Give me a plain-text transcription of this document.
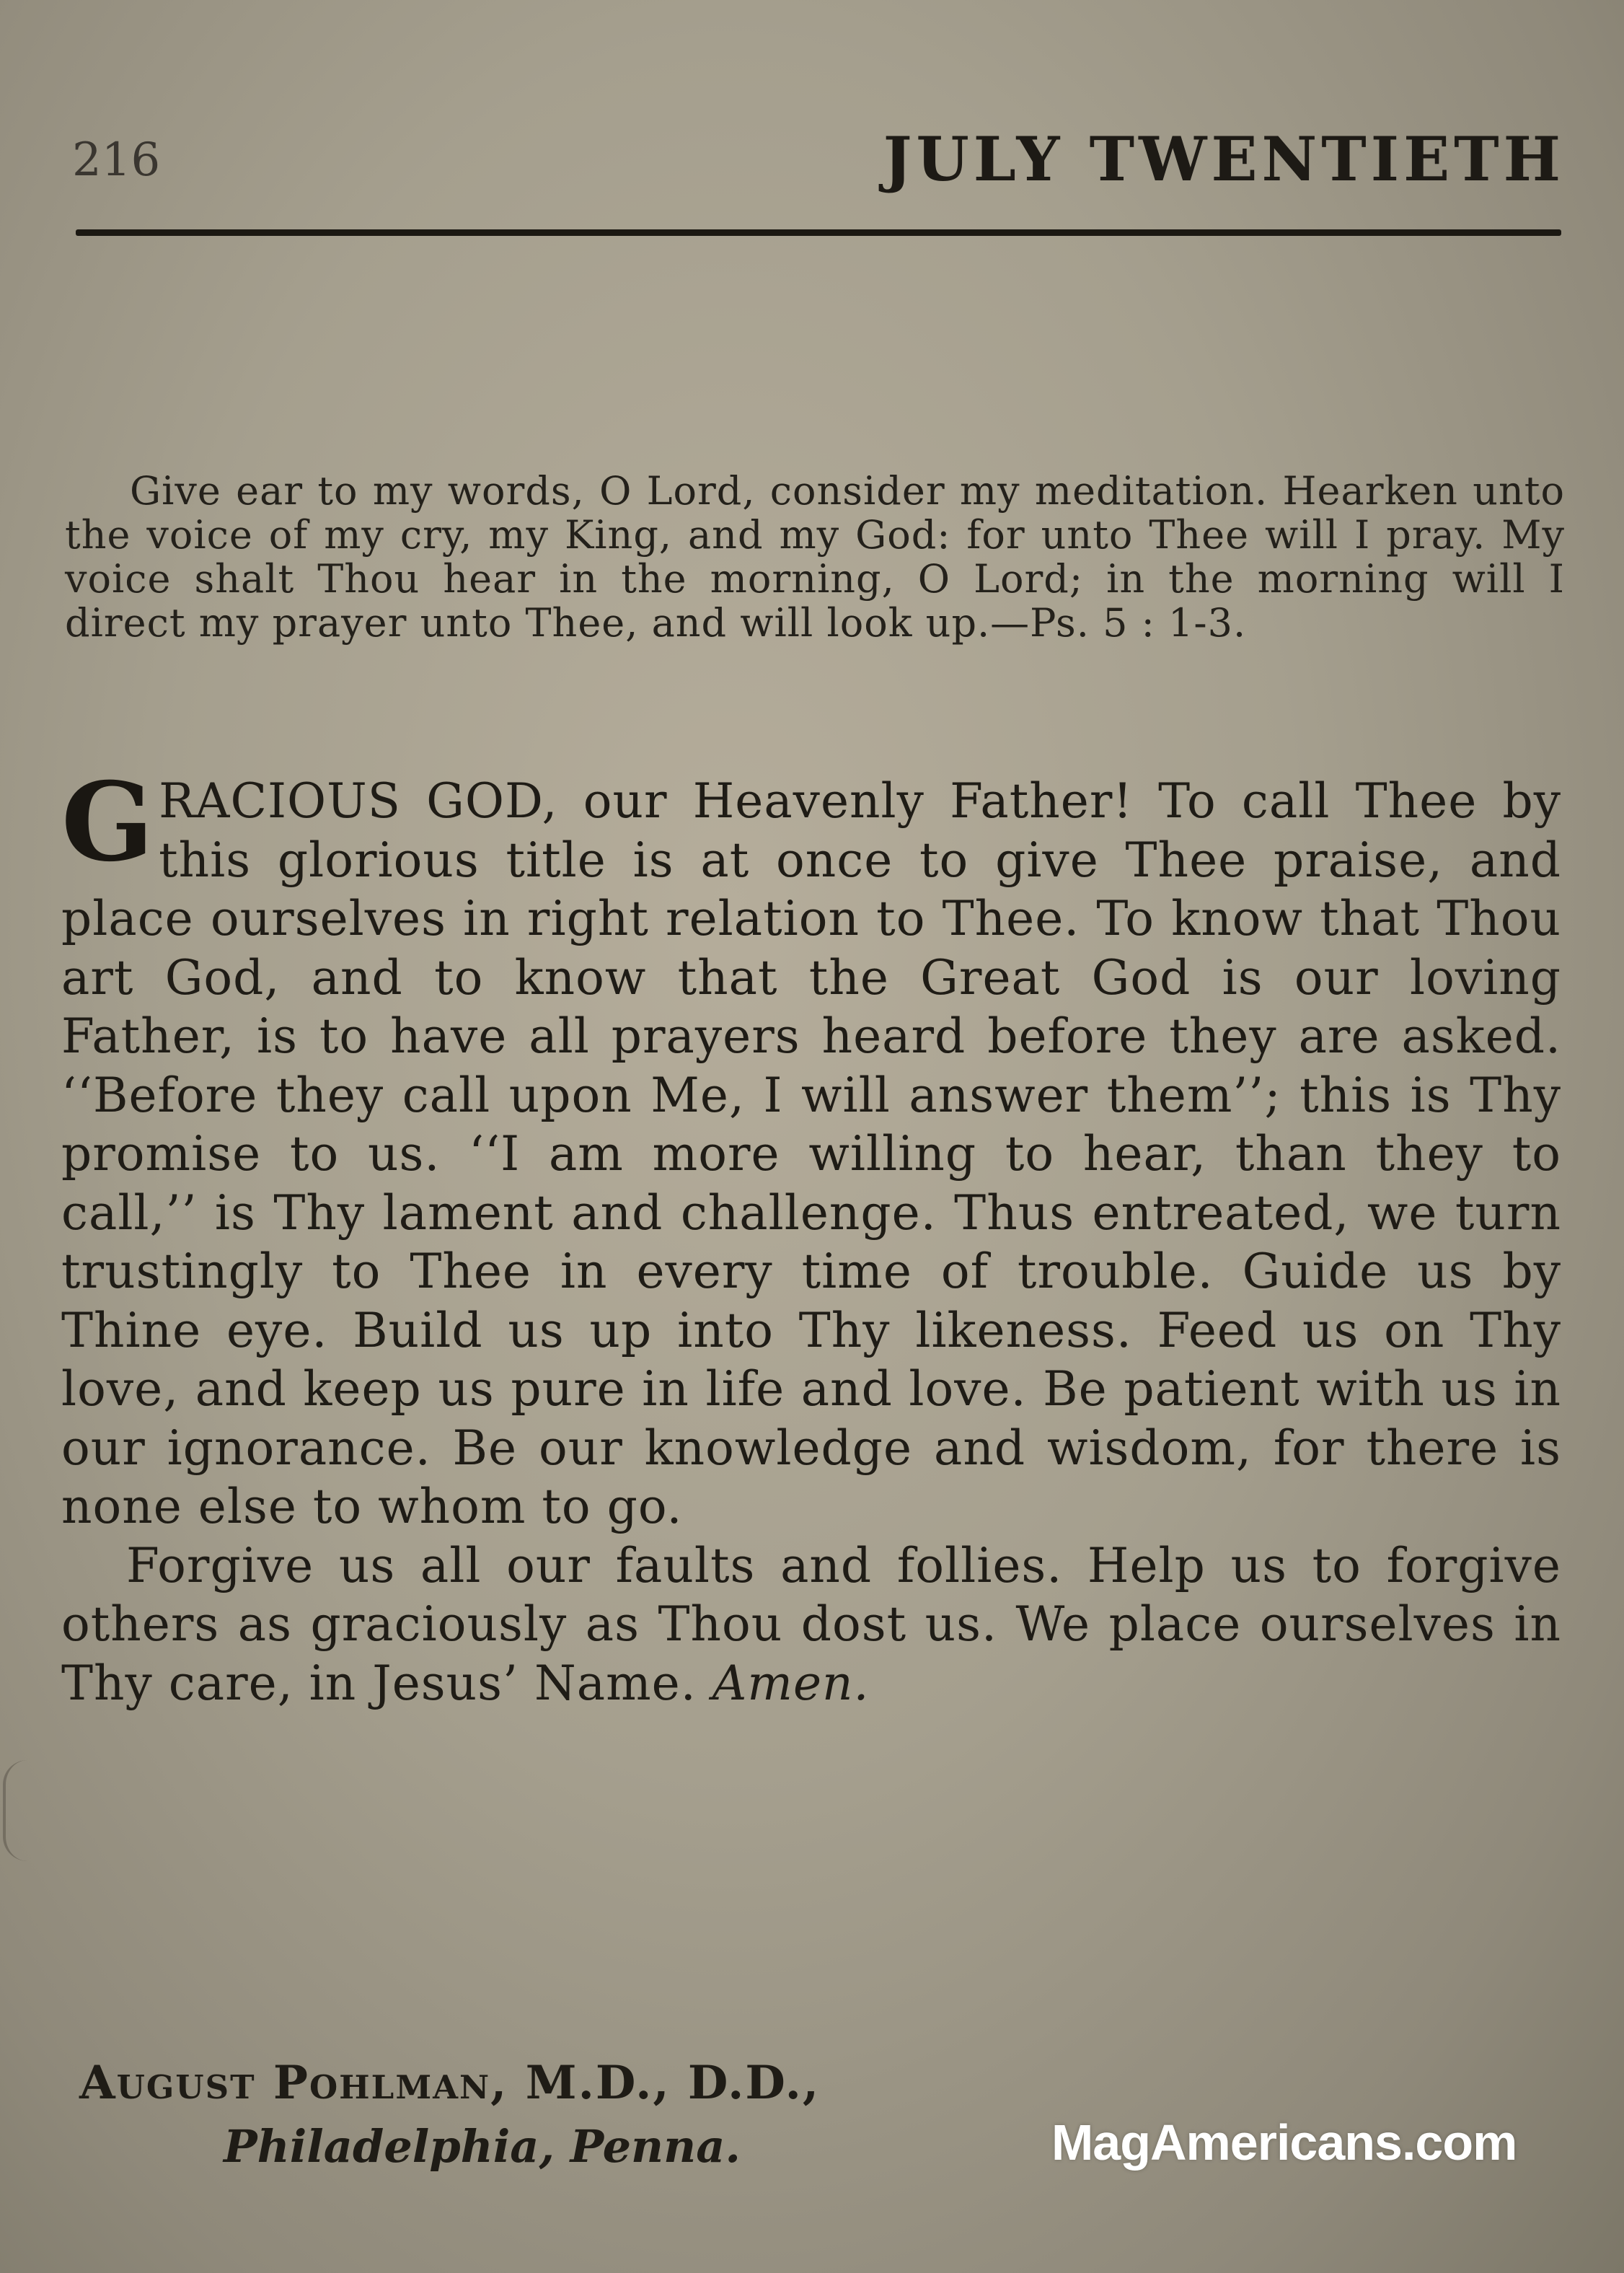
216	JULY TWENTIETH
Give ear to my words, O Lord, consider my meditation. Hearken unto the voice of my cry, my King, and my God: for unto Thee will I pray. My voice shalt Thou hear in the morning, O Lord; in the morning will I direct my prayer unto Thee, and will look up.—Ps. 5 : 1-3.

GRACIOUS GOD, our Heavenly Father! To call Thee by this glorious title is at once to give Thee praise, and place ourselves in right relation to Thee. To know that Thou art God, and to know that the Great God is our loving Father, is to have all prayers heard before they are asked. ‘‘Before they call upon Me, I will answer them’’; this is Thy promise to us. ‘‘I am more willing to hear, than they to call,’’ is Thy lament and challenge. Thus entreated, we turn trustingly to Thee in every time of trouble. Guide us by Thine eye. Build us up into Thy likeness. Feed us on Thy love, and keep us pure in life and love. Be patient with us in our ignorance. Be our knowledge and wisdom, for there is none else to whom to go.

Forgive us all our faults and follies. Help us to forgive others as graciously as Thou dost us. We place ourselves in Thy care, in Jesus’ Name. Amen.

August Pohlman, M.D., D.D.,
Philadelphia, Penna.	MagAmericans.com
